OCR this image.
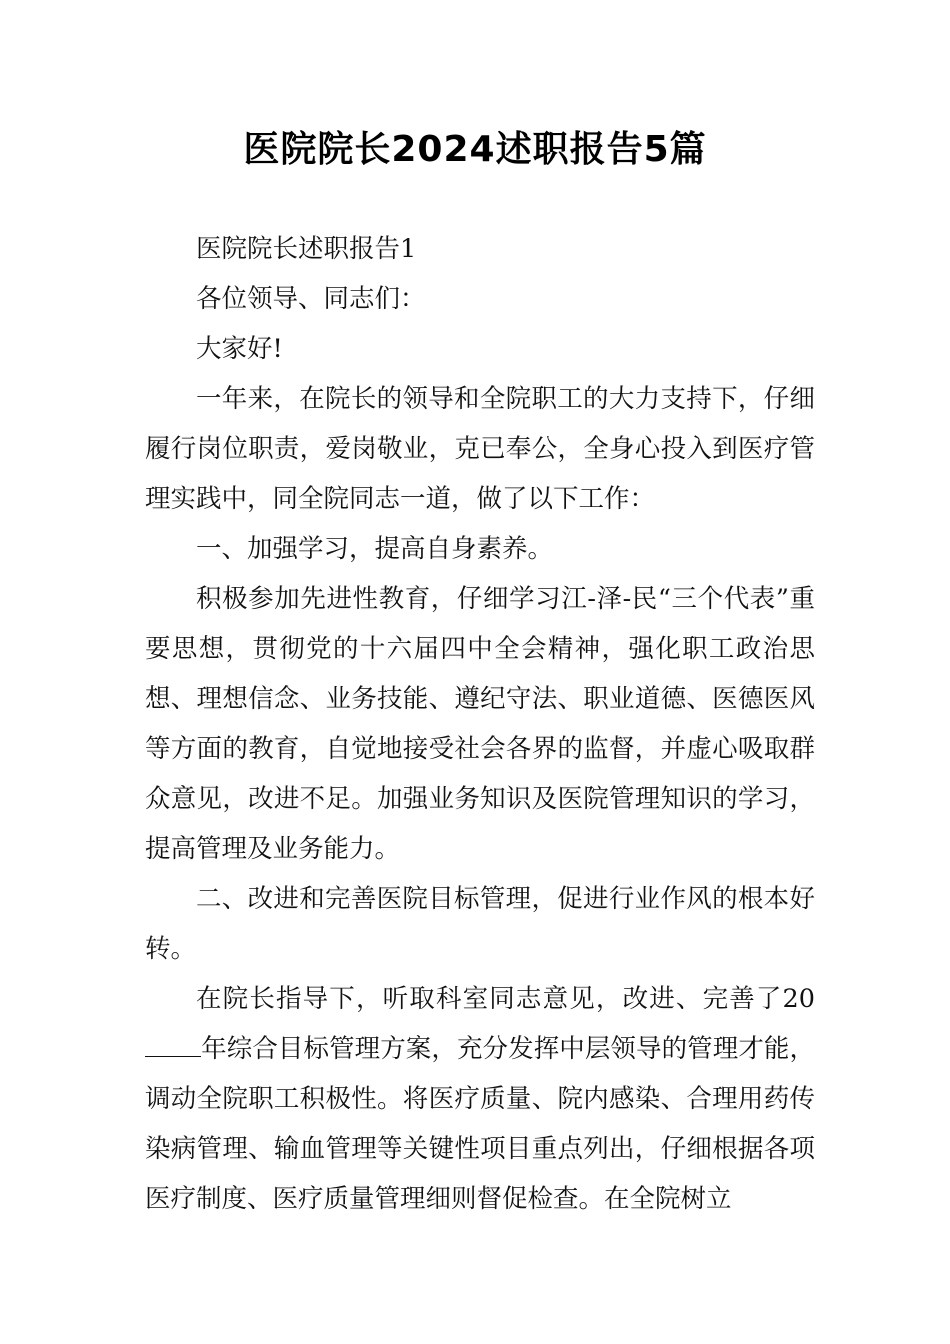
医院院长2024述职报告5篇

医院院长述职报告1

各位领导、同志们：

大家好!

一年来，在院长的领导和全院职工的大力支持下，仔细履行岗位职责，爱岗敬业，克已奉公，全身心投入到医疗管理实践中，同全院同志一道，做了以下工作：

一、加强学习，提高自身素养。

积极参加先进性教育，仔细学习江-泽-民“三个代表”重要思想，贯彻党的十六届四中全会精神，强化职工政治思想、理想信念、业务技能、遵纪守法、职业道德、医德医风等方面的教育，自觉地接受社会各界的监督，并虚心吸取群众意见，改进不足。加强业务知识及医院管理知识的学习，提高管理及业务能力。

二、改进和完善医院目标管理，促进行业作风的根本好转。

在院长指导下，听取科室同志意见，改进、完善了20年综合目标管理方案，充分发挥中层领导的管理才能，调动全院职工积极性。将医疗质量、院内感染、合理用药传染病管理、输血管理等关键性项目重点列出，仔细根据各项医疗制度、医疗质量管理细则督促检查。在全院树立
